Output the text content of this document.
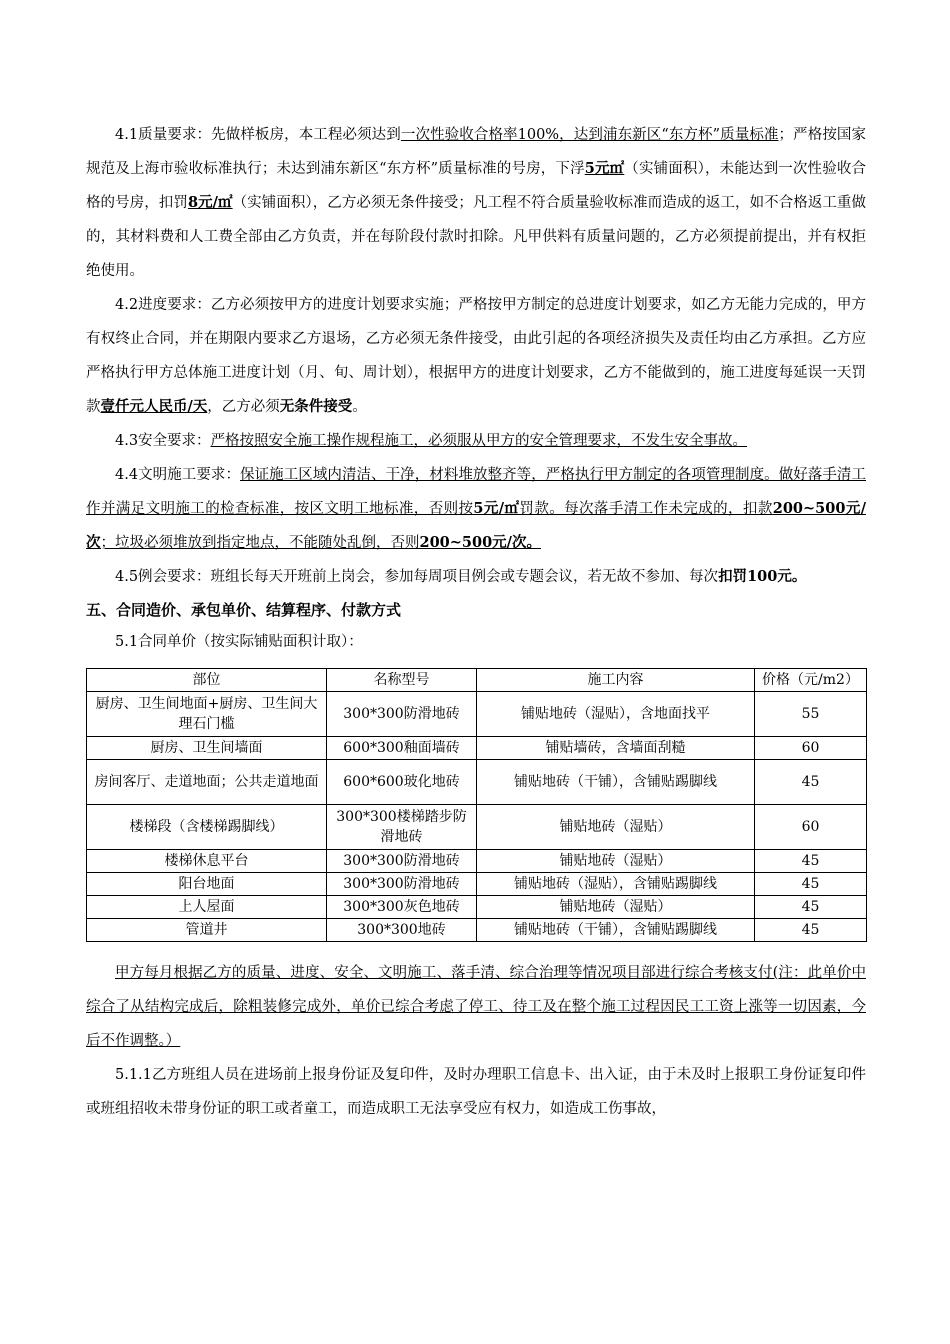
4.1质量要求：先做样板房，本工程必须达到一次性验收合格率100%，达到浦东新区“东方杯”质量标准；严格按国家规范及上海市验收标准执行；未达到浦东新区“东方杯”质量标准的号房，下浮5元㎡（实铺面积），未能达到一次性验收合格的号房，扣罚8元/㎡（实铺面积），乙方必须无条件接受；凡工程不符合质量验收标准而造成的返工，如不合格返工重做的，其材料费和人工费全部由乙方负责，并在每阶段付款时扣除。凡甲供料有质量问题的，乙方必须提前提出，并有权拒绝使用。

4.2进度要求：乙方必须按甲方的进度计划要求实施；严格按甲方制定的总进度计划要求，如乙方无能力完成的，甲方有权终止合同，并在期限内要求乙方退场，乙方必须无条件接受，由此引起的各项经济损失及责任均由乙方承担。乙方应严格执行甲方总体施工进度计划（月、旬、周计划），根据甲方的进度计划要求，乙方不能做到的，施工进度每延误一天罚款壹仟元人民币/天，乙方必须无条件接受。

4.3安全要求：严格按照安全施工操作规程施工，必须服从甲方的安全管理要求，不发生安全事故。

4.4文明施工要求：保证施工区域内清洁、干净，材料堆放整齐等，严格执行甲方制定的各项管理制度。做好落手清工作并满足文明施工的检查标准，按区文明工地标准，否则按5元/㎡罚款。每次落手清工作未完成的，扣款200~500元/次；垃圾必须堆放到指定地点，不能随处乱倒，否则200~500元/次。

4.5例会要求：班组长每天开班前上岗会，参加每周项目例会或专题会议，若无故不参加、每次扣罚100元。

五、合同造价、承包单价、结算程序、付款方式

5.1合同单价（按实际铺贴面积计取）：

部位	名称型号	施工内容	价格（元/m2）
厨房、卫生间地面+厨房、卫生间大理石门槛	300*300防滑地砖	铺贴地砖（湿贴），含地面找平	55
厨房、卫生间墙面	600*300釉面墙砖	铺贴墙砖，含墙面刮糙	60
房间客厅、走道地面；公共走道地面	600*600玻化地砖	铺贴地砖（干铺），含铺贴踢脚线	45
楼梯段（含楼梯踢脚线）	300*300楼梯踏步防滑地砖	铺贴地砖（湿贴）	60
楼梯休息平台	300*300防滑地砖	铺贴地砖（湿贴）	45
阳台地面	300*300防滑地砖	铺贴地砖（湿贴），含铺贴踢脚线	45
上人屋面	300*300灰色地砖	铺贴地砖（湿贴）	45
管道井	300*300地砖	铺贴地砖（干铺），含铺贴踢脚线	45

甲方每月根据乙方的质量、进度、安全、文明施工、落手清、综合治理等情况项目部进行综合考核支付(注：此单价中综合了从结构完成后，除粗装修完成外，单价已综合考虑了停工、待工及在整个施工过程因民工工资上涨等一切因素，今后不作调整。）

5.1.1乙方班组人员在进场前上报身份证及复印件，及时办理职工信息卡、出入证，由于未及时上报职工身份证复印件或班组招收未带身份证的职工或者童工，而造成职工无法享受应有权力，如造成工伤事故，
